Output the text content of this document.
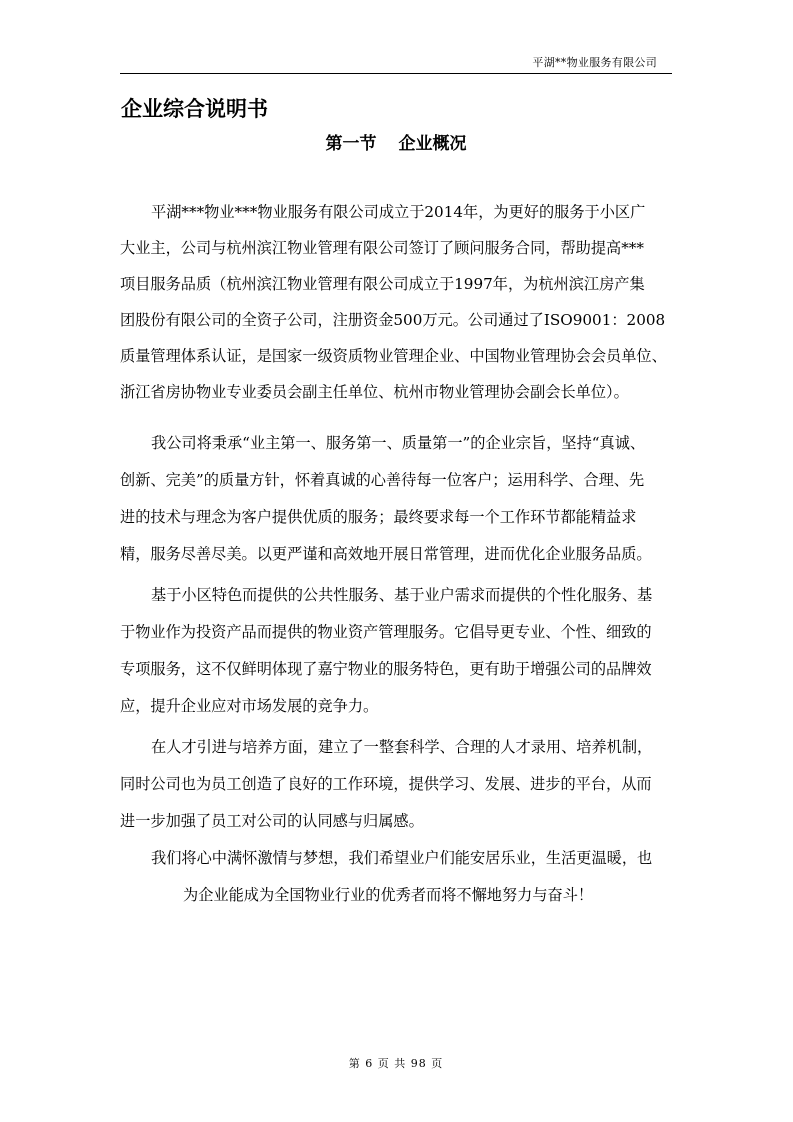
平湖**物业服务有限公司
企业综合说明书
第一节 企业概况
平湖***物业***物业服务有限公司成立于2014年，为更好的服务于小区广
大业主，公司与杭州滨江物业管理有限公司签订了顾问服务合同，帮助提高***
项目服务品质（杭州滨江物业管理有限公司成立于1997年，为杭州滨江房产集
团股份有限公司的全资子公司，注册资金500万元。公司通过了ISO9001：2008
质量管理体系认证，是国家一级资质物业管理企业、中国物业管理协会会员单位、
浙江省房协物业专业委员会副主任单位、杭州市物业管理协会副会长单位）。
我公司将秉承“业主第一、服务第一、质量第一”的企业宗旨，坚持“真诚、
创新、完美”的质量方针，怀着真诚的心善待每一位客户；运用科学、合理、先
进的技术与理念为客户提供优质的服务；最终要求每一个工作环节都能精益求
精，服务尽善尽美。以更严谨和高效地开展日常管理，进而优化企业服务品质。
基于小区特色而提供的公共性服务、基于业户需求而提供的个性化服务、基
于物业作为投资产品而提供的物业资产管理服务。它倡导更专业、个性、细致的
专项服务，这不仅鲜明体现了嘉宁物业的服务特色，更有助于增强公司的品牌效
应，提升企业应对市场发展的竞争力。
在人才引进与培养方面，建立了一整套科学、合理的人才录用、培养机制，
同时公司也为员工创造了良好的工作环境，提供学习、发展、进步的平台，从而
进一步加强了员工对公司的认同感与归属感。
我们将心中满怀激情与梦想，我们希望业户们能安居乐业，生活更温暖，也
为企业能成为全国物业行业的优秀者而将不懈地努力与奋斗！
第 6 页 共 98 页
